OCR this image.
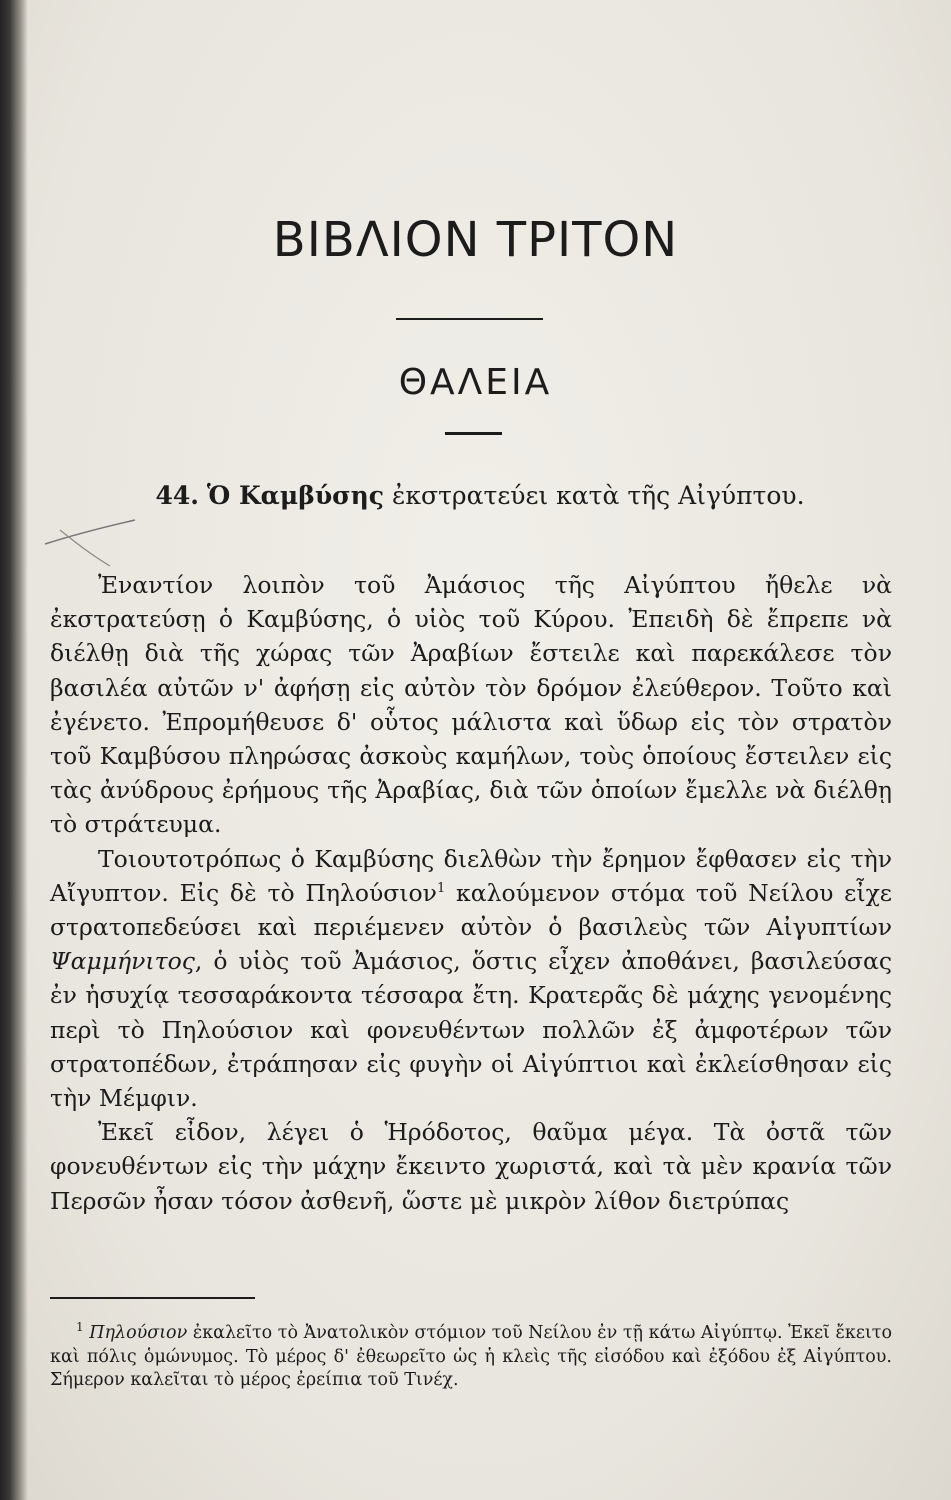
ΒΙΒΛΙΟΝ ΤΡΙΤΟΝ
ΘΑΛΕΙΑ
44. Ὁ Καμβύσης ἐκστρατεύει κατὰ τῆς Αἰγύπτου.

Ἐναντίον λοιπὸν τοῦ Ἀμάσιος τῆς Αἰγύπτου ἤθελε νὰ ἐκστρατεύσῃ ὁ Καμβύσης, ὁ υἱὸς τοῦ Κύρου. Ἐπειδὴ δὲ ἔπρεπε νὰ διέλθῃ διὰ τῆς χώρας τῶν Ἀραβίων ἔστειλε καὶ παρεκάλεσε τὸν βασιλέα αὐτῶν ν' ἀφήσῃ εἰς αὐτὸν τὸν δρόμον ἐλεύθερον. Τοῦτο καὶ ἐγένετο. Ἐπρομήθευσε δ' οὗτος μάλιστα καὶ ὕδωρ εἰς τὸν στρατὸν τοῦ Καμβύσου πληρώσας ἀσκοὺς καμήλων, τοὺς ὁποίους ἔστειλεν εἰς τὰς ἀνύδρους ἐρήμους τῆς Ἀραβίας, διὰ τῶν ὁποίων ἔμελλε νὰ διέλθῃ τὸ στράτευμα.

Τοιουτοτρόπως ὁ Καμβύσης διελθὼν τὴν ἔρημον ἔφθασεν εἰς τὴν Αἴγυπτον. Εἰς δὲ τὸ Πηλούσιον$^1$ καλούμενον στόμα τοῦ Νείλου εἶχε στρατοπεδεύσει καὶ περιέμενεν αὐτὸν ὁ βασιλεὺς τῶν Αἰγυπτίων Ψαμμήνιτος, ὁ υἱὸς τοῦ Ἀμάσιος, ὅστις εἶχεν ἀποθάνει, βασιλεύσας ἐν ἡσυχίᾳ τεσσαράκοντα τέσσαρα ἔτη. Κρατερᾶς δὲ μάχης γενομένης περὶ τὸ Πηλούσιον καὶ φονευθέντων πολλῶν ἐξ ἀμφοτέρων τῶν στρατοπέδων, ἐτράπησαν εἰς φυγὴν οἱ Αἰγύπτιοι καὶ ἐκλείσθησαν εἰς τὴν Μέμφιν.

Ἐκεῖ εἶδον, λέγει ὁ Ἡρόδοτος, θαῦμα μέγα. Τὰ ὀστᾶ τῶν φονευθέντων εἰς τὴν μάχην ἔκειντο χωριστά, καὶ τὰ μὲν κρανία τῶν Περσῶν ἦσαν τόσον ἀσθενῆ, ὥστε μὲ μικρὸν λίθον διετρύπας

$^1$ Πηλούσιον ἐκαλεῖτο τὸ Ἀνατολικὸν στόμιον τοῦ Νείλου ἐν τῇ κάτω Αἰγύπτῳ. Ἐκεῖ ἔκειτο καὶ πόλις ὁμώνυμος. Τὸ μέρος δ' ἐθεωρεῖτο ὡς ἡ κλεὶς τῆς εἰσόδου καὶ ἐξόδου ἐξ Αἰγύπτου. Σήμερον καλεῖται τὸ μέρος ἐρείπια τοῦ Τινέχ.
